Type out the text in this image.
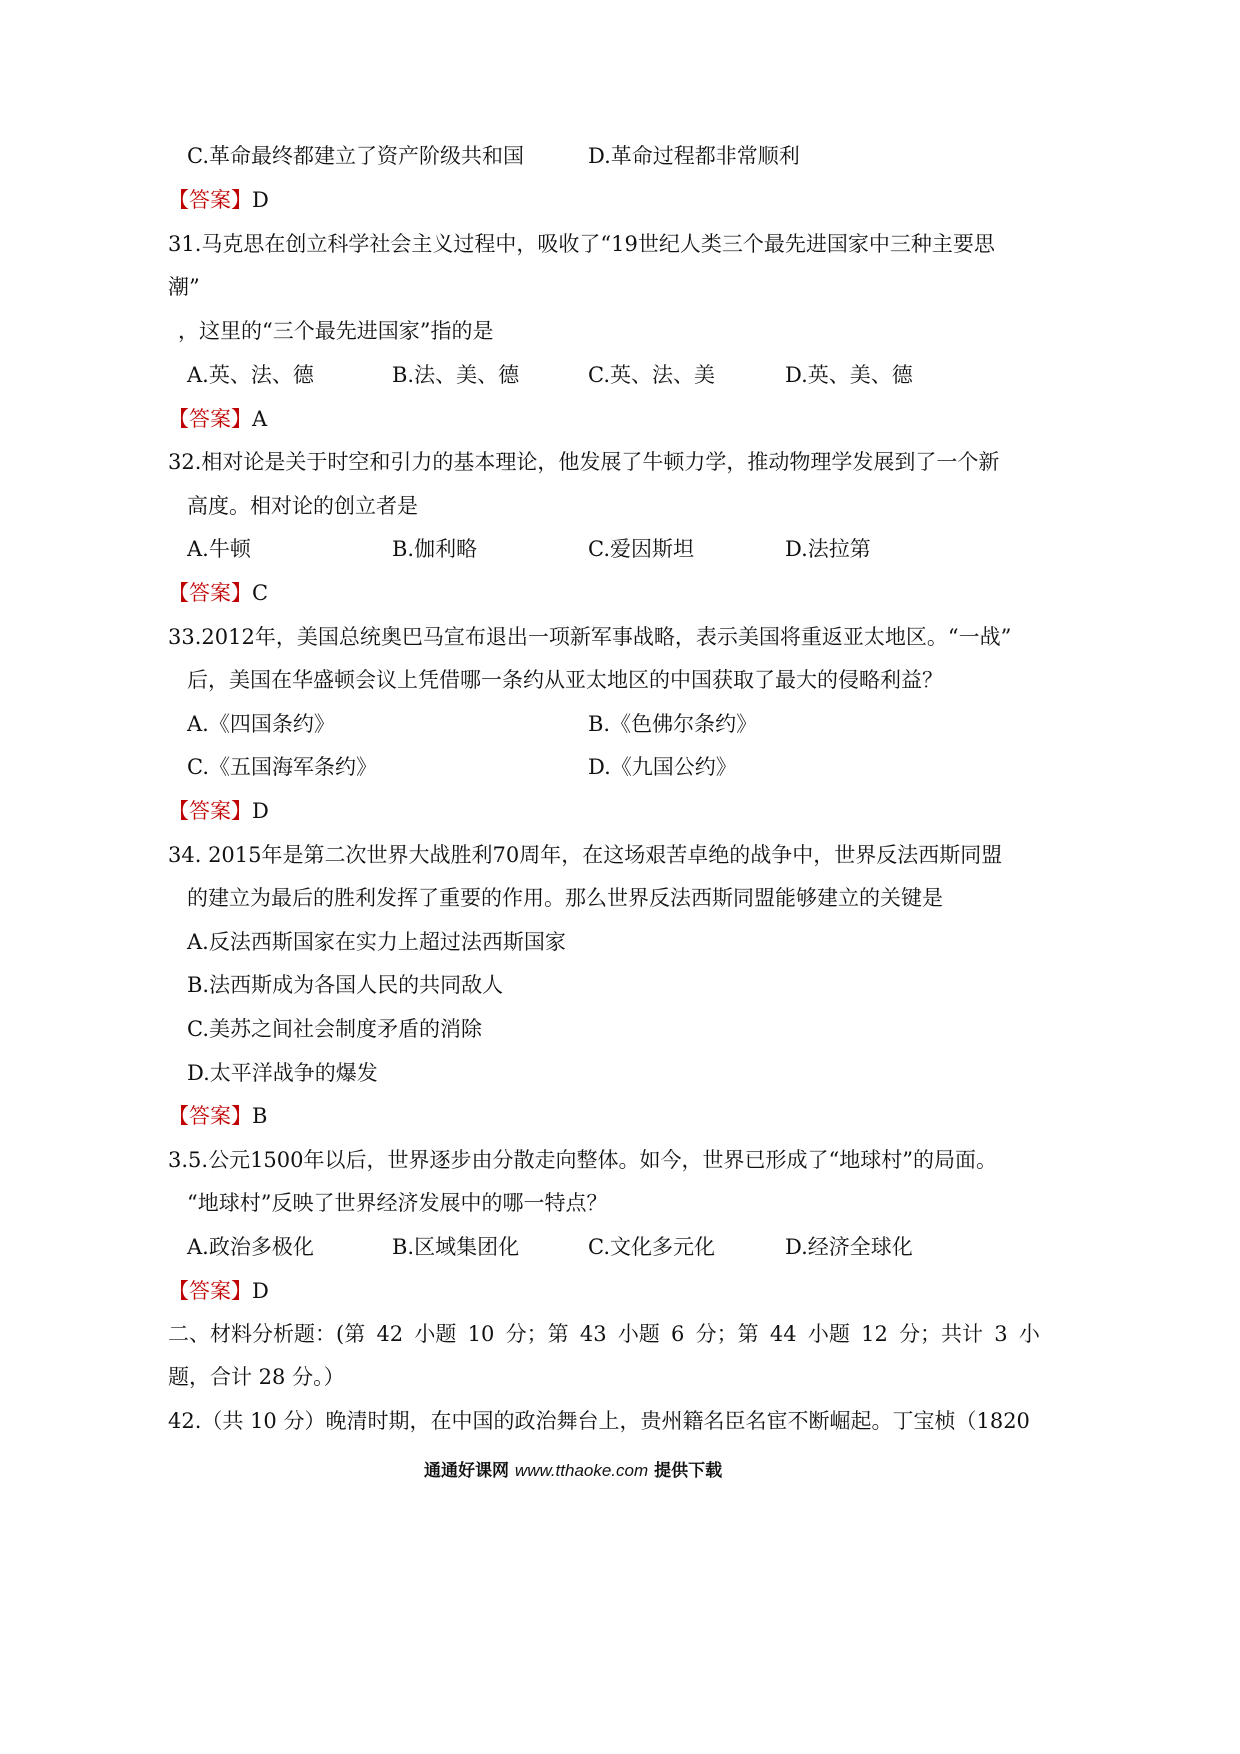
C.革命最终都建立了资产阶级共和国	D.革命过程都非常顺利
【答案】D
31.马克思在创立科学社会主义过程中，吸收了“19世纪人类三个最先进国家中三种主要思
潮”
，这里的“三个最先进国家”指的是
A.英、法、德	B.法、美、德	C.英、法、美	D.英、美、德
【答案】A
32.相对论是关于时空和引力的基本理论，他发展了牛顿力学，推动物理学发展到了一个新
高度。相对论的创立者是
A.牛顿	B.伽利略	C.爱因斯坦	D.法拉第
【答案】C
33.2012年，美国总统奥巴马宣布退出一项新军事战略，表示美国将重返亚太地区。“一战”
后，美国在华盛顿会议上凭借哪一条约从亚太地区的中国获取了最大的侵略利益？
A.《四国条约》	B.《色佛尔条约》
C.《五国海军条约》	D.《九国公约》
【答案】D
34. 2015年是第二次世界大战胜利70周年，在这场艰苦卓绝的战争中，世界反法西斯同盟
的建立为最后的胜利发挥了重要的作用。那么世界反法西斯同盟能够建立的关键是
A.反法西斯国家在实力上超过法西斯国家
B.法西斯成为各国人民的共同敌人
C.美苏之间社会制度矛盾的消除
D.太平洋战争的爆发
【答案】B
3.5.公元1500年以后，世界逐步由分散走向整体。如今，世界已形成了“地球村”的局面。
“地球村”反映了世界经济发展中的哪一特点？
A.政治多极化	B.区域集团化	C.文化多元化	D.经济全球化
【答案】D
二、材料分析题：(第 42 小题 10 分；第 43 小题 6 分；第 44 小题 12 分；共计 3 小
题，合计 28 分。）
42.（共 10 分）晚清时期，在中国的政治舞台上，贵州籍名臣名宦不断崛起。丁宝桢（1820
通通好课网 www.tthaoke.com 提供下载
